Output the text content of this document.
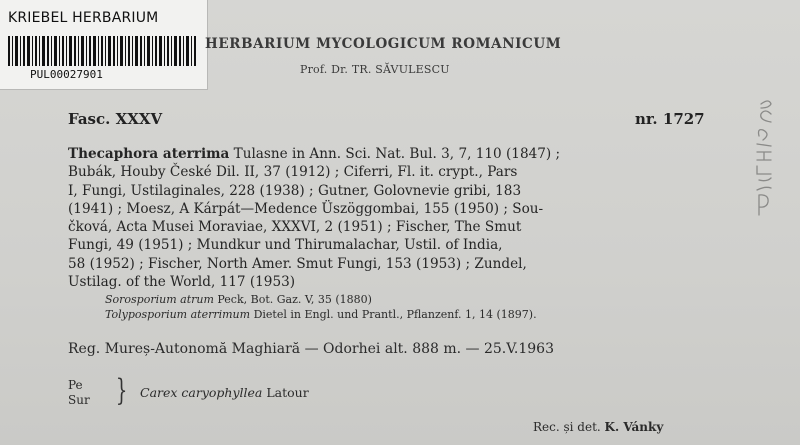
KRIEBEL HERBARIUM
PUL00027901
HERBARIUM MYCOLOGICUM ROMANICUM
Prof. Dr. TR. SĂVULESCU
Fasc. XXXV	nr. 1727
Thecaphora aterrima Tulasne in Ann. Sci. Nat. Bul. 3, 7, 110 (1847) ;
Bubák, Houby České Dil. II, 37 (1912) ; Ciferri, Fl. it. crypt., Pars
I, Fungi, Ustilaginales, 228 (1938) ; Gutner, Golovnevie gribi, 183
(1941) ; Moesz, A Kárpát—Medence Üszöggombai, 155 (1950) ; Sou-
čková, Acta Musei Moraviae, XXXVI, 2 (1951) ; Fischer, The Smut
Fungi, 49 (1951) ; Mundkur und Thirumalachar, Ustil. of India,
58 (1952) ; Fischer, North Amer. Smut Fungi, 153 (1953) ; Zundel,
Ustilag. of the World, 117 (1953)
Sorosporium atrum Peck, Bot. Gaz. V, 35 (1880)
Tolyposporium aterrimum Dietel in Engl. und Prantl., Pflanzenf. 1, 14 (1897).
Reg. Mureș-Autonomă Maghiară — Odorhei alt. 888 m. — 25.V.1963
Pe
Sur } Carex caryophyllea Latour
Rec. și det. K. Vánky
